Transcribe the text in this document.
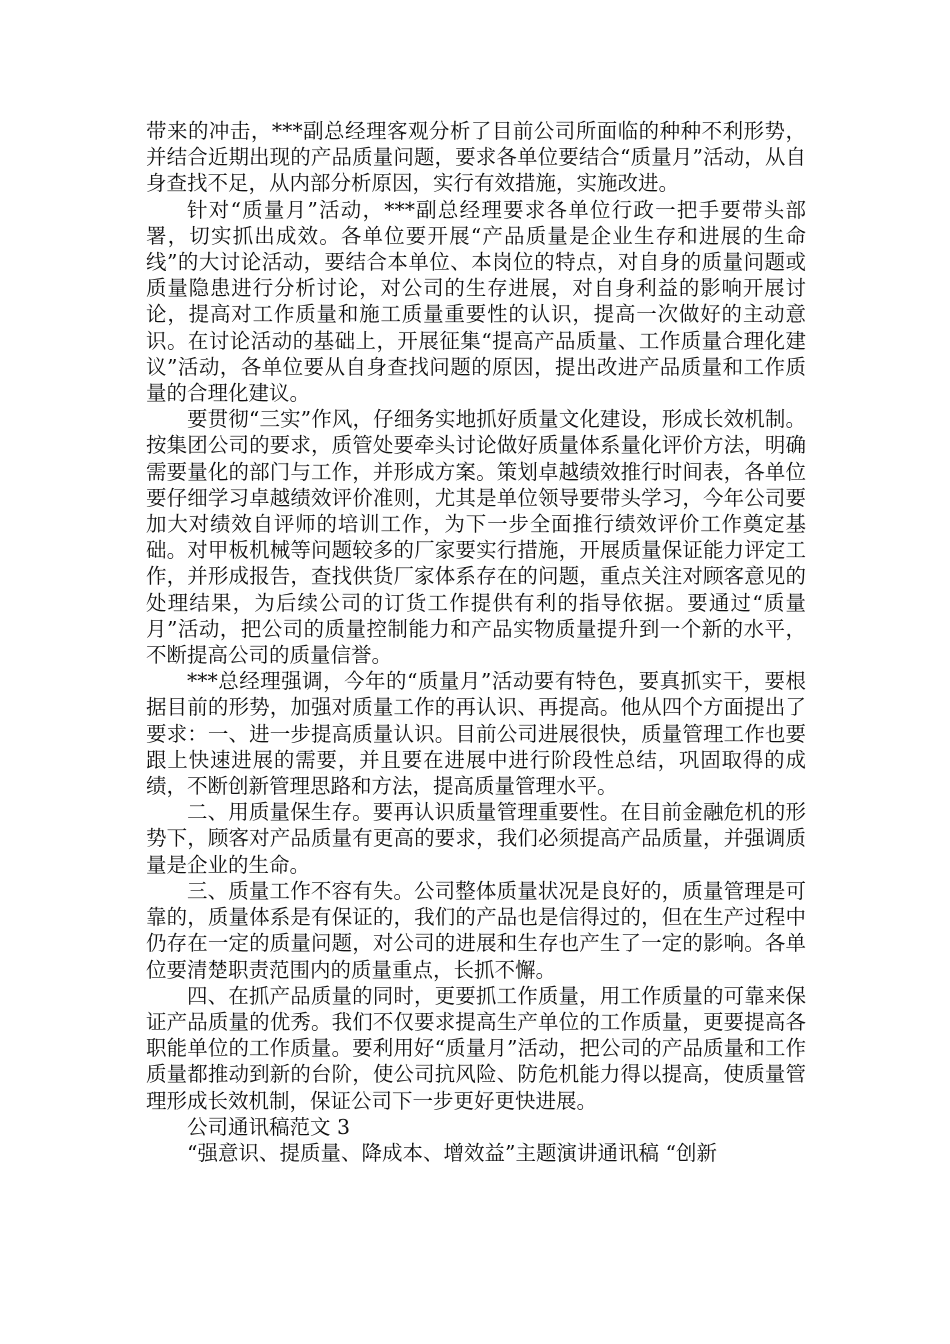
带来的冲击，***副总经理客观分析了目前公司所面临的种种不利形势，并结合近期出现的产品质量问题，要求各单位要结合“质量月”活动，从自身查找不足，从内部分析原因，实行有效措施，实施改进。

针对“质量月”活动，***副总经理要求各单位行政一把手要带头部署，切实抓出成效。各单位要开展“产品质量是企业生存和进展的生命线”的大讨论活动，要结合本单位、本岗位的特点，对自身的质量问题或质量隐患进行分析讨论，对公司的生存进展，对自身利益的影响开展讨论，提高对工作质量和施工质量重要性的认识，提高一次做好的主动意识。在讨论活动的基础上，开展征集“提高产品质量、工作质量合理化建议”活动，各单位要从自身查找问题的原因，提出改进产品质量和工作质量的合理化建议。

要贯彻“三实”作风，仔细务实地抓好质量文化建设，形成长效机制。按集团公司的要求，质管处要牵头讨论做好质量体系量化评价方法，明确需要量化的部门与工作，并形成方案。策划卓越绩效推行时间表，各单位要仔细学习卓越绩效评价准则，尤其是单位领导要带头学习，今年公司要加大对绩效自评师的培训工作，为下一步全面推行绩效评价工作奠定基础。对甲板机械等问题较多的厂家要实行措施，开展质量保证能力评定工作，并形成报告，查找供货厂家体系存在的问题，重点关注对顾客意见的处理结果，为后续公司的订货工作提供有利的指导依据。要通过“质量月”活动，把公司的质量控制能力和产品实物质量提升到一个新的水平，不断提高公司的质量信誉。

***总经理强调，今年的“质量月”活动要有特色，要真抓实干，要根据目前的形势，加强对质量工作的再认识、再提高。他从四个方面提出了要求：一、进一步提高质量认识。目前公司进展很快，质量管理工作也要跟上快速进展的需要，并且要在进展中进行阶段性总结，巩固取得的成绩，不断创新管理思路和方法，提高质量管理水平。

二、用质量保生存。要再认识质量管理重要性。在目前金融危机的形势下，顾客对产品质量有更高的要求，我们必须提高产品质量，并强调质量是企业的生命。

三、质量工作不容有失。公司整体质量状况是良好的，质量管理是可靠的，质量体系是有保证的，我们的产品也是信得过的，但在生产过程中仍存在一定的质量问题，对公司的进展和生存也产生了一定的影响。各单位要清楚职责范围内的质量重点，长抓不懈。

四、在抓产品质量的同时，更要抓工作质量，用工作质量的可靠来保证产品质量的优秀。我们不仅要求提高生产单位的工作质量，更要提高各职能单位的工作质量。要利用好“质量月”活动，把公司的产品质量和工作质量都推动到新的台阶，使公司抗风险、防危机能力得以提高，使质量管理形成长效机制，保证公司下一步更好更快进展。

公司通讯稿范文 3

“强意识、提质量、降成本、增效益”主题演讲通讯稿 “创新
